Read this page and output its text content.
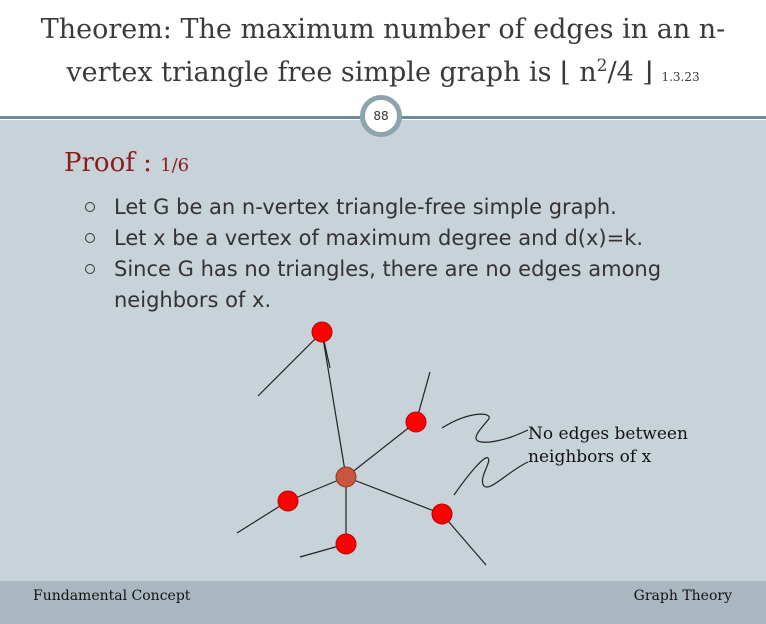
Theorem: The maximum number of edges in an n-
vertex triangle free simple graph is ⌊ $n^2/4$ ⌋ 1.3.23
88
Proof : 1/6
Let G be an n-vertex triangle-free simple graph.
Let x be a vertex of maximum degree and d(x)=k.
Since G has no triangles, there are no edges among neighbors of x.
No edges between
neighbors of x
Fundamental Concept	Graph Theory
